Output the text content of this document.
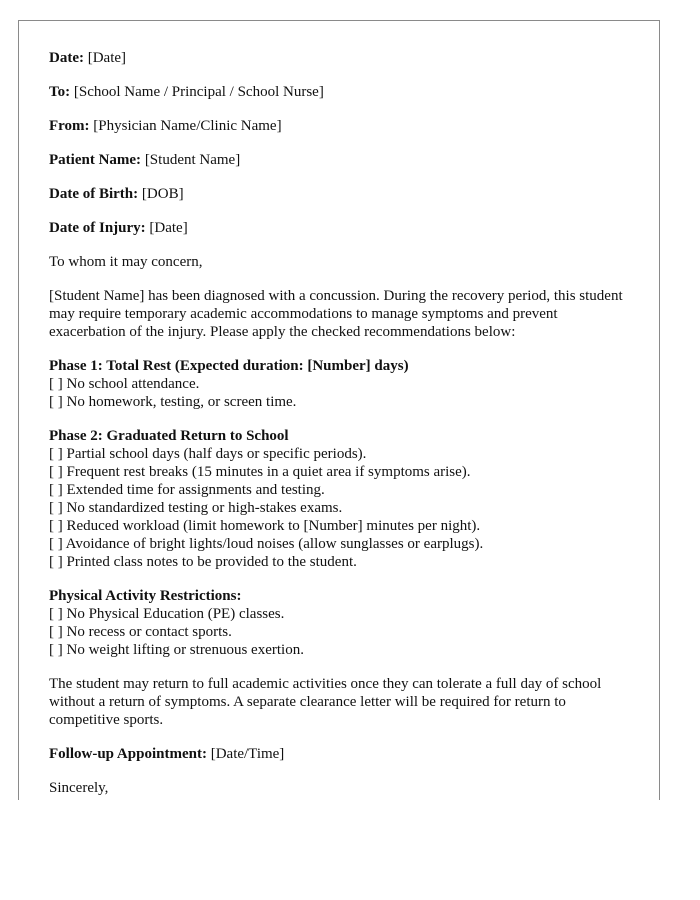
Date: [Date]

To: [School Name / Principal / School Nurse]

From: [Physician Name/Clinic Name]

Patient Name: [Student Name]

Date of Birth: [DOB]

Date of Injury: [Date]

To whom it may concern,

[Student Name] has been diagnosed with a concussion. During the recovery period, this student may require temporary academic accommodations to manage symptoms and prevent exacerbation of the injury. Please apply the checked recommendations below:

Phase 1: Total Rest (Expected duration: [Number] days)

[ ] No school attendance.

[ ] No homework, testing, or screen time.

Phase 2: Graduated Return to School

[ ] Partial school days (half days or specific periods).

[ ] Frequent rest breaks (15 minutes in a quiet area if symptoms arise).

[ ] Extended time for assignments and testing.

[ ] No standardized testing or high-stakes exams.

[ ] Reduced workload (limit homework to [Number] minutes per night).

[ ] Avoidance of bright lights/loud noises (allow sunglasses or earplugs).

[ ] Printed class notes to be provided to the student.

Physical Activity Restrictions:

[ ] No Physical Education (PE) classes.

[ ] No recess or contact sports.

[ ] No weight lifting or strenuous exertion.

The student may return to full academic activities once they can tolerate a full day of school without a return of symptoms. A separate clearance letter will be required for return to competitive sports.

Follow-up Appointment: [Date/Time]

Sincerely,
